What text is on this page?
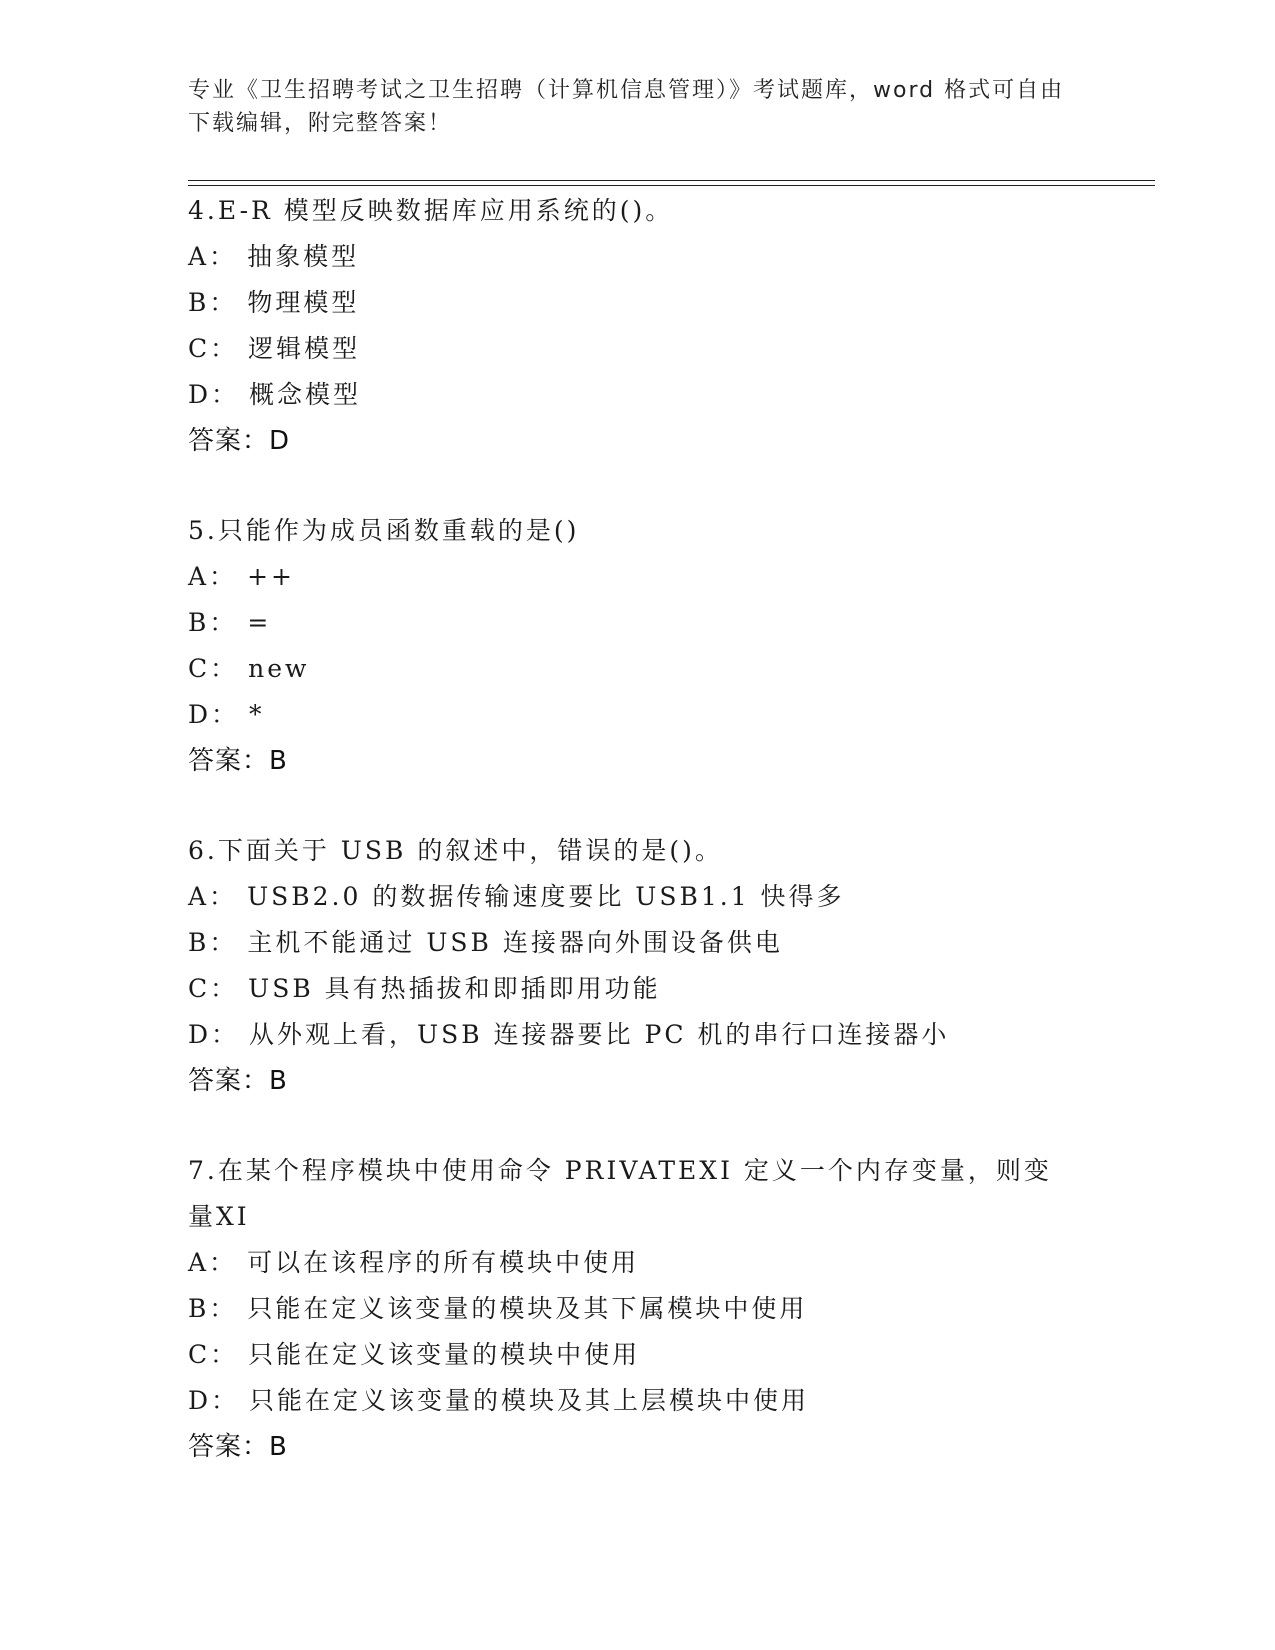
专业《卫生招聘考试之卫生招聘（计算机信息管理）》考试题库，word 格式可自由下载编辑，附完整答案！
4.E-R 模型反映数据库应用系统的()。
A： 抽象模型
B： 物理模型
C： 逻辑模型
D： 概念模型
答案：D
5.只能作为成员函数重载的是()
A： ++
B： =
C： new
D： *
答案：B
6.下面关于 USB 的叙述中，错误的是()。
A： USB2.0 的数据传输速度要比 USB1.1 快得多
B： 主机不能通过 USB 连接器向外围设备供电
C： USB 具有热插拔和即插即用功能
D： 从外观上看，USB 连接器要比 PC 机的串行口连接器小
答案：B
7.在某个程序模块中使用命令 PRIVATEXI 定义一个内存变量，则变量XI
A： 可以在该程序的所有模块中使用
B： 只能在定义该变量的模块及其下属模块中使用
C： 只能在定义该变量的模块中使用
D： 只能在定义该变量的模块及其上层模块中使用
答案：B
